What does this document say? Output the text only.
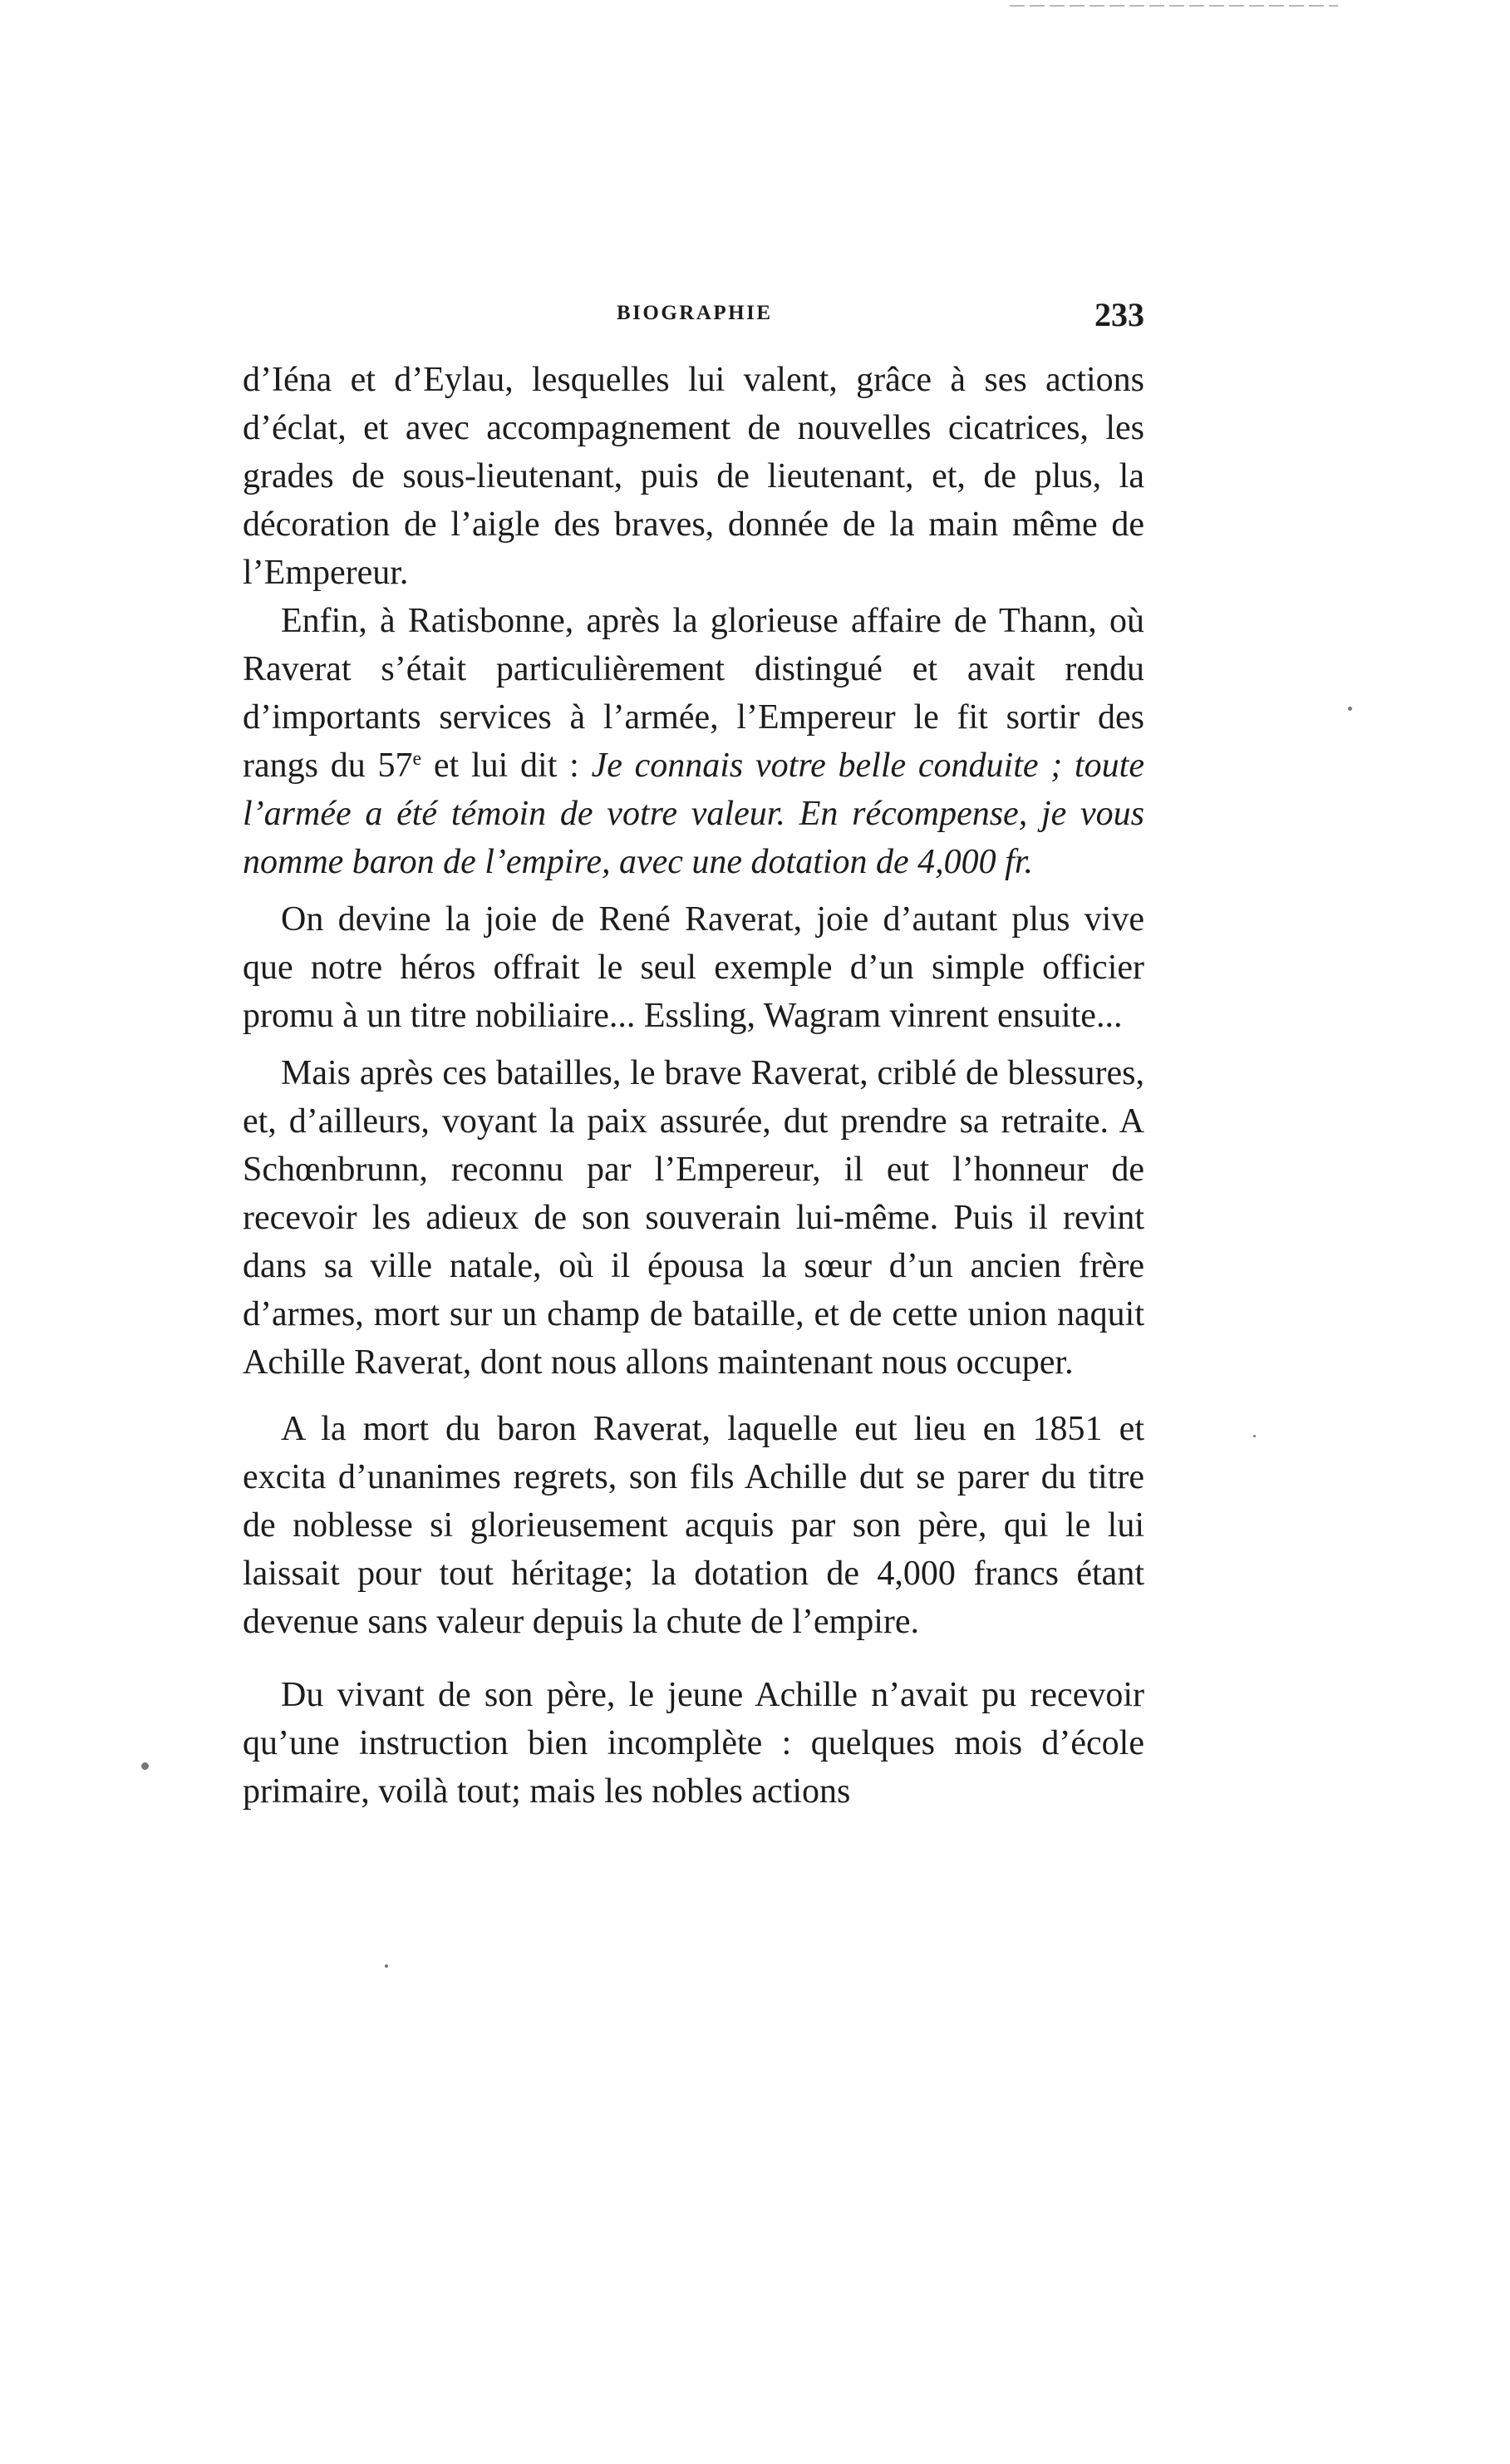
BIOGRAPHIE	233

d’Iéna et d’Eylau, lesquelles lui valent, grâce à ses actions d’éclat, et avec accompagnement de nouvelles cicatrices, les grades de sous-lieutenant, puis de lieutenant, et, de plus, la décoration de l’aigle des braves, donnée de la main même de l’Empereur.

Enfin, à Ratisbonne, après la glorieuse affaire de Thann, où Raverat s’était particulièrement distingué et avait rendu d’importants services à l’armée, l’Empereur le fit sortir des rangs du 57e et lui dit : Je connais votre belle conduite ; toute l’armée a été témoin de votre valeur. En récompense, je vous nomme baron de l’empire, avec une dotation de 4,000 fr.

On devine la joie de René Raverat, joie d’autant plus vive que notre héros offrait le seul exemple d’un simple officier promu à un titre nobiliaire... Essling, Wagram vinrent ensuite...

Mais après ces batailles, le brave Raverat, criblé de blessures, et, d’ailleurs, voyant la paix assurée, dut prendre sa retraite. A Schœnbrunn, reconnu par l’Empereur, il eut l’honneur de recevoir les adieux de son souverain lui-même. Puis il revint dans sa ville natale, où il épousa la sœur d’un ancien frère d’armes, mort sur un champ de bataille, et de cette union naquit Achille Raverat, dont nous allons maintenant nous occuper.

A la mort du baron Raverat, laquelle eut lieu en 1851 et excita d’unanimes regrets, son fils Achille dut se parer du titre de noblesse si glorieusement acquis par son père, qui le lui laissait pour tout héritage; la dotation de 4,000 francs étant devenue sans valeur depuis la chute de l’empire.

Du vivant de son père, le jeune Achille n’avait pu recevoir qu’une instruction bien incomplète : quelques mois d’école primaire, voilà tout; mais les nobles actions
